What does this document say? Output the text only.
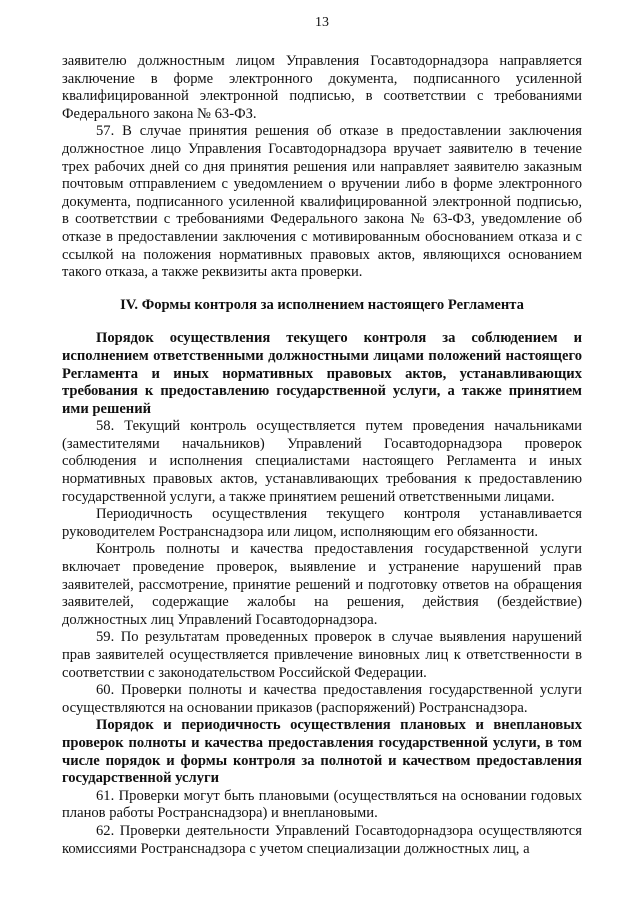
13

заявителю должностным лицом Управления Госавтодорнадзора направляется заключение в форме электронного документа, подписанного усиленной квалифицированной электронной подписью, в соответствии с требованиями Федерального закона № 63-ФЗ.

57. В случае принятия решения об отказе в предоставлении заключения должностное лицо Управления Госавтодорнадзора вручает заявителю в течение трех рабочих дней со дня принятия решения или направляет заявителю заказным почтовым отправлением с уведомлением о вручении либо в форме электронного документа, подписанного усиленной квалифицированной электронной подписью, в соответствии с требованиями Федерального закона № 63-ФЗ, уведомление об отказе в предоставлении заключения с мотивированным обоснованием отказа и с ссылкой на положения нормативных правовых актов, являющихся основанием такого отказа, а также реквизиты акта проверки.

IV. Формы контроля за исполнением настоящего Регламента

Порядок осуществления текущего контроля за соблюдением и исполнением ответственными должностными лицами положений настоящего Регламента и иных нормативных правовых актов, устанавливающих требования к предоставлению государственной услуги, а также принятием ими решений

58. Текущий контроль осуществляется путем проведения начальниками (заместителями начальников) Управлений Госавтодорнадзора проверок соблюдения и исполнения специалистами настоящего Регламента и иных нормативных правовых актов, устанавливающих требования к предоставлению государственной услуги, а также принятием решений ответственными лицами.

Периодичность осуществления текущего контроля устанавливается руководителем Ространснадзора или лицом, исполняющим его обязанности.

Контроль полноты и качества предоставления государственной услуги включает проведение проверок, выявление и устранение нарушений прав заявителей, рассмотрение, принятие решений и подготовку ответов на обращения заявителей, содержащие жалобы на решения, действия (бездействие) должностных лиц Управлений Госавтодорнадзора.

59. По результатам проведенных проверок в случае выявления нарушений прав заявителей осуществляется привлечение виновных лиц к ответственности в соответствии с законодательством Российской Федерации.

60. Проверки полноты и качества предоставления государственной услуги осуществляются на основании приказов (распоряжений) Ространснадзора.

Порядок и периодичность осуществления плановых и внеплановых проверок полноты и качества предоставления государственной услуги, в том числе порядок и формы контроля за полнотой и качеством предоставления государственной услуги

61. Проверки могут быть плановыми (осуществляться на основании годовых планов работы Ространснадзора) и внеплановыми.

62. Проверки деятельности Управлений Госавтодорнадзора осуществляются комиссиями Ространснадзора с учетом специализации должностных лиц, а
